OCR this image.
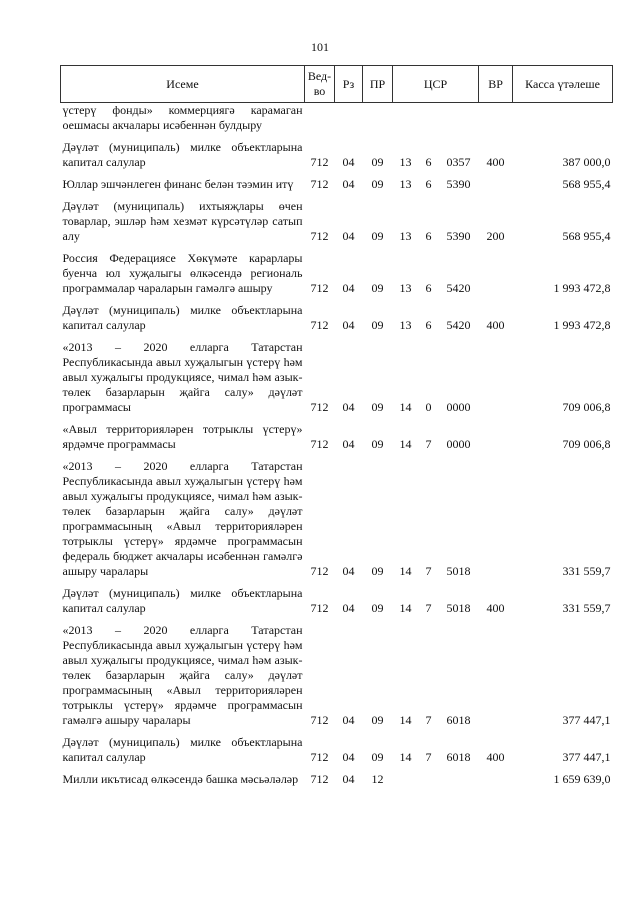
101
Исеме	Вед-во	Рз	ПР	ЦСР			ВР	Касса үтәлеше
үстерү фонды» коммерциягә карамаган оешмасы акчалары исәбеннән булдыру								
Дәүләт (муниципаль) милке объектларына капитал салулар	712	04	09	13	6	0357	400	387 000,0
Юллар эшчәнлеген финанс белән тәэмин итү	712	04	09	13	6	5390		568 955,4
Дәүләт (муниципаль) ихтыяҗлары өчен товарлар, эшләр һәм хезмәт күрсәтүләр сатып алу	712	04	09	13	6	5390	200	568 955,4
Россия Федерациясе Хөкүмәте карарлары буенча юл хуҗалыгы өлкәсендә региональ программалар чараларын гамәлгә ашыру	712	04	09	13	6	5420		1 993 472,8
Дәүләт (муниципаль) милке объектларына капитал салулар	712	04	09	13	6	5420	400	1 993 472,8
«2013 – 2020 елларга Татарстан Республикасында авыл хуҗалыгын үстерү һәм авыл хуҗалыгы продукциясе, чимал һәм азык-төлек базарларын җайга салу» дәүләт программасы	712	04	09	14	0	0000		709 006,8
«Авыл территорияләрен тотрыклы үстерү» ярдәмче программасы	712	04	09	14	7	0000		709 006,8
«2013 – 2020 елларга Татарстан Республикасында авыл хуҗалыгын үстерү һәм авыл хуҗалыгы продукциясе, чимал һәм азык-төлек базарларын җайга салу» дәүләт программасының «Авыл территорияләрен тотрыклы үстерү» ярдәмче программасын федераль бюджет акчалары исәбеннән гамәлгә ашыру чаралары	712	04	09	14	7	5018		331 559,7
Дәүләт (муниципаль) милке объектларына капитал салулар	712	04	09	14	7	5018	400	331 559,7
«2013 – 2020 елларга Татарстан Республикасында авыл хуҗалыгын үстерү һәм авыл хуҗалыгы продукциясе, чимал һәм азык-төлек базарларын җайга салу» дәүләт программасының «Авыл территорияләрен тотрыклы үстерү» ярдәмче программасын гамәлгә ашыру чаралары	712	04	09	14	7	6018		377 447,1
Дәүләт (муниципаль) милке объектларына капитал салулар	712	04	09	14	7	6018	400	377 447,1
Милли икътисад өлкәсендә башка мәсьәләләр	712	04	12					1 659 639,0
